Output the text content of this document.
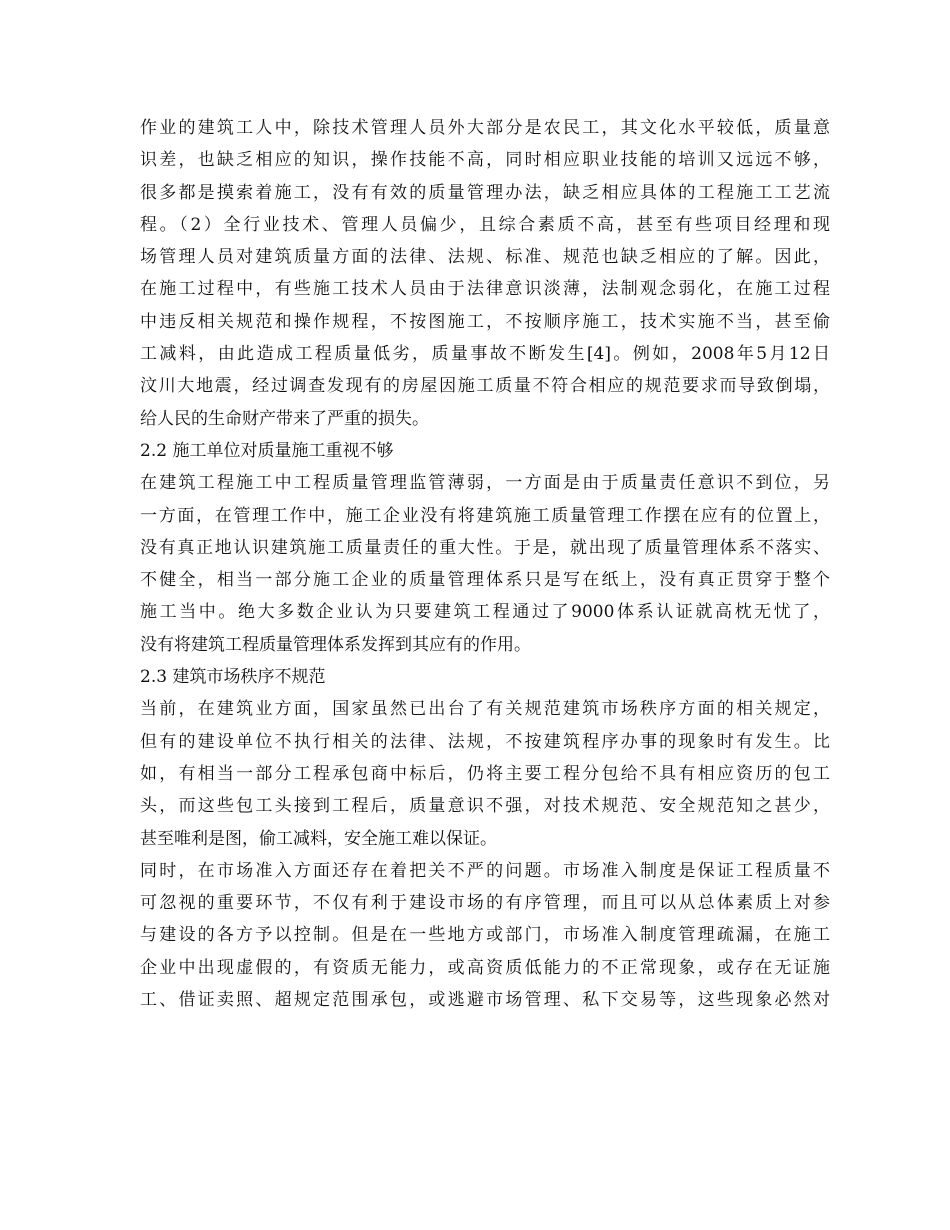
作业的建筑工人中，除技术管理人员外大部分是农民工，其文化水平较低，质量意
识差，也缺乏相应的知识，操作技能不高，同时相应职业技能的培训又远远不够，
很多都是摸索着施工，没有有效的质量管理办法，缺乏相应具体的工程施工工艺流
程。（2）全行业技术、管理人员偏少，且综合素质不高，甚至有些项目经理和现
场管理人员对建筑质量方面的法律、法规、标准、规范也缺乏相应的了解。因此，
在施工过程中，有些施工技术人员由于法律意识淡薄，法制观念弱化，在施工过程
中违反相关规范和操作规程，不按图施工，不按顺序施工，技术实施不当，甚至偷
工减料，由此造成工程质量低劣，质量事故不断发生[4]。例如，2008年5月12日
汶川大地震，经过调查发现有的房屋因施工质量不符合相应的规范要求而导致倒塌，
给人民的生命财产带来了严重的损失。
2.2 施工单位对质量施工重视不够
在建筑工程施工中工程质量管理监管薄弱，一方面是由于质量责任意识不到位，另
一方面，在管理工作中，施工企业没有将建筑施工质量管理工作摆在应有的位置上，
没有真正地认识建筑施工质量责任的重大性。于是，就出现了质量管理体系不落实、
不健全，相当一部分施工企业的质量管理体系只是写在纸上，没有真正贯穿于整个
施工当中。绝大多数企业认为只要建筑工程通过了9000体系认证就高枕无忧了，
没有将建筑工程质量管理体系发挥到其应有的作用。
2.3 建筑市场秩序不规范
当前，在建筑业方面，国家虽然已出台了有关规范建筑市场秩序方面的相关规定，
但有的建设单位不执行相关的法律、法规，不按建筑程序办事的现象时有发生。比
如，有相当一部分工程承包商中标后，仍将主要工程分包给不具有相应资历的包工
头，而这些包工头接到工程后，质量意识不强，对技术规范、安全规范知之甚少，
甚至唯利是图，偷工减料，安全施工难以保证。
同时，在市场准入方面还存在着把关不严的问题。市场准入制度是保证工程质量不
可忽视的重要环节，不仅有利于建设市场的有序管理，而且可以从总体素质上对参
与建设的各方予以控制。但是在一些地方或部门，市场准入制度管理疏漏，在施工
企业中出现虚假的，有资质无能力，或高资质低能力的不正常现象，或存在无证施
工、借证卖照、超规定范围承包，或逃避市场管理、私下交易等，这些现象必然对
